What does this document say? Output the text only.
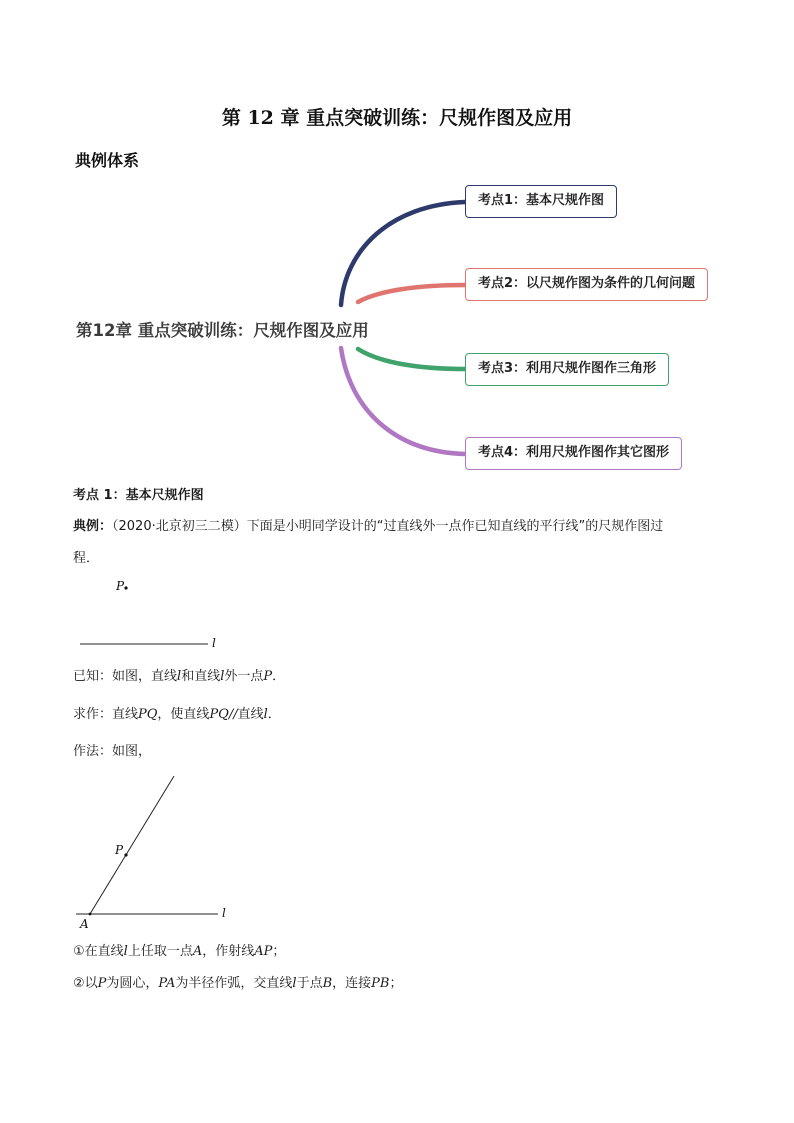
第 12 章 重点突破训练：尺规作图及应用
典例体系
第12章 重点突破训练：尺规作图及应用
考点1：基本尺规作图
考点2：以尺规作图为条件的几何问题
考点3：利用尺规作图作三角形
考点4：利用尺规作图作其它图形
考点 1：基本尺规作图
典例：（2020·北京初三二模）下面是小明同学设计的“过直线外一点作已知直线的平行线”的尺规作图过
程．
P
l
已知：如图，直线l和直线l外一点P．
求作：直线PQ，使直线PQ//直线l．
作法：如图，
P
A
l
①在直线l上任取一点A，作射线AP；
②以P为圆心，PA为半径作弧，交直线l于点B，连接PB；
